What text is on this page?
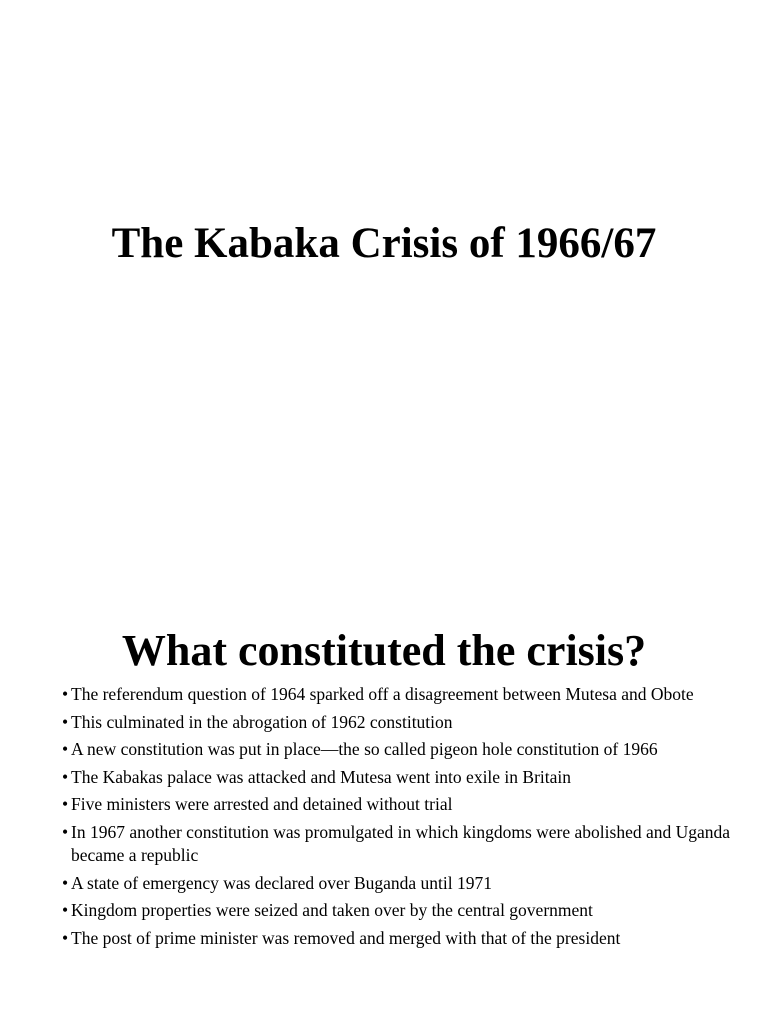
The Kabaka Crisis of 1966/67
What constituted the crisis?
• The referendum question of 1964 sparked off a disagreement between Mutesa and Obote
• This culminated in the abrogation of 1962 constitution
• A new constitution was put in place—the so called pigeon hole constitution of 1966
• The Kabakas palace was attacked and Mutesa went into exile in Britain
• Five ministers were arrested and detained without trial
• In 1967 another constitution was promulgated in which kingdoms were abolished and Uganda became a republic
• A state of emergency was declared over Buganda until 1971
• Kingdom properties were seized and taken over by the central government
• The post of prime minister was removed and merged with that of the president
